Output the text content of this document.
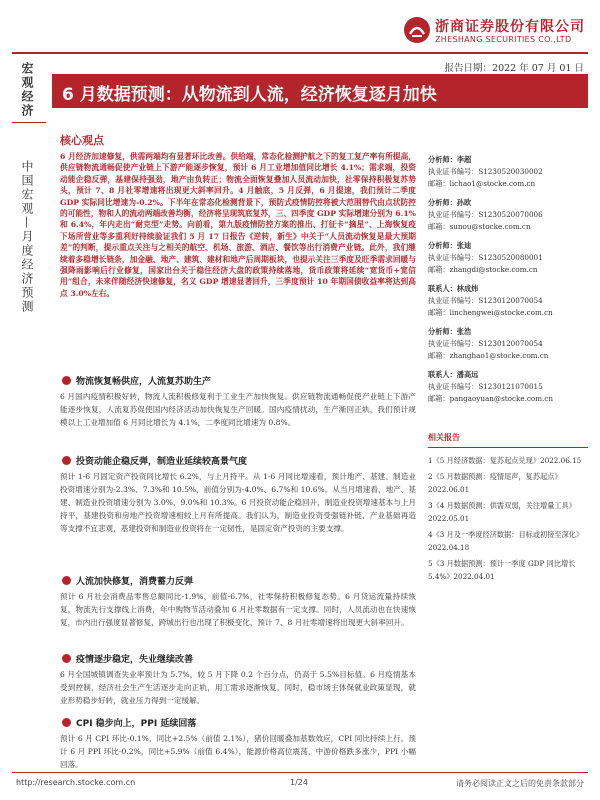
浙商证券股份有限公司
ZHESHANG SECURITIES CO.,LTD
宏观经济
中国宏观—月度经济预测
报告日期：2022 年 07 月 01 日
6 月数据预测：从物流到人流，经济恢复逐月加快
核心观点
6 月经济加速修复，供需两端均有显著环比改善。供给端，常态化检测护航之下的复工复产率有所提高，供应链物流通畅促使产业链上下游产能逐步恢复，预计 6 月工业增加值同比增长 4.1%；需求端，投资动能企稳反弹，基建保持强劲，地产由负转正；物流全面恢复叠加人员流动加快，社零保持积极复苏势头，预计 7、8 月社零增速将出现更大斜率回升。4 月触底，5 月反弹，6 月提速，我们预计二季度 GDP 实际同比增速为-0.2%。下半年在常态化检测背景下，预防式疫情防控将被大范围替代由点状防控的可能性，物和人的流动两端改善均衡，经济将呈现筑底复苏，三、四季度 GDP 实际增速分别为 6.1%和 6.4%，年内走出“耐克型”走势。向前看，第九版疫情防控方案的推出、打征卡“摘星”、上海恢复疫下场所营业等多重利好持续验证我们 5 月 17 日报告《逆转，新生》中关于“人员流动恢复是最大预期差”的判断，提示重点关注与之相关的航空、机场、旅游、酒店、餐饮等出行消费产业链。此外，我们继续着多稳增长链条，加金融、地产、建筑、建材和地产后周期板块，也提示关注三季度及旺季需求回暖与强降雨影响后行业修复，国家出台关于稳住经济大盘的政策持续落地，货币政策将延续“宽货币+宽信用”组合，未来伴随经济快速修复，名义 GDP 增速显著回升，三季度预计 10 年期国债收益率将达到高点 3.0%左右。
物流恢复畅供应，人流复苏助生产
6 月国内疫情积极好转，物流人流积极修复利于工业生产加快恢复。供应链物流通畅促使产业链上下游产能逐步恢复，人流复苏促使国内经济活动加快恢复生产回暖。国内疫情扰动，生产渐回正轨，我们预计规模以上工业增加值 6 月同比增长为 4.1%，二季度同比增速为 0.8%。
投资动能企稳反弹，制造业延续较高景气度
预计 1-6 月固定资产投资同比增长 6.2%，与上月持平。从 1-6 月同比增速看，预计地产、基建、制造业投资增速分别为-2.3%、7.3%和 10.5%，前值分别为-4.0%、6.7%和 10.6%。从当月增速看，地产、基建、制造业投资增速分别为 3.0%、9.0%和 10.3%。6 月投资动能企稳回升，制造业投资增速基本与上月持平，基建投资和房地产投资增速相较上月有所提高。我们认为，制造业投资受强链补链、产业基础再造等支撑不宜悲观，基建投资和制造业投资将在一定韧性，是固定资产投资的主要支撑。
人流加快修复，消费蓄力反弹
预计 6 月社会消费品零售总额同比-1.9%，前值-6.7%，社零保持积极修复态势。6 月货运流量持续恢复，物流先行支撑线上消费，年中购物节活动叠加 6 月社零数据有一定支撑。同时，人员流动也在快速恢复，市内出行强度显著修复，跨城出行也出现了积极变化，预计 7、8 月社零增速将出现更大斜率回升。
疫情逐步稳定，失业继续改善
6 月全国城镇调查失业率预计为 5.7%，较 5 月下降 0.2 个百分点，仍高于 5.5%目标值。6 月疫情基本受到控制，经济社会生产生活逐步走向正轨，用工需求逐渐恢复，同时，稳市场主体保就业政策显现，就业形势稳步好转，就业压力得到一定缓解。
CPI 稳步向上，PPI 延续回落
预计 6 月 CPI 环比-0.1%，同比+2.5%（前值 2.1%），猪价回暖叠加基数效应，CPI 同比持续上行。预计 6 月 PPI 环比-0.2%，同比+5.9%（前值 6.4%），能源价格高位震荡，中游价格跌多涨少，PPI 小幅回落。
分析师：李超
执业证书编号：S1230520030002
邮箱：lichao1@stocke.com.cn
分析师：孙欧
执业证书编号：S1230520070006
邮箱：sunou@stocke.com.cn
分析师：张迪
执业证书编号：S1230520080001
邮箱：zhangdi@stocke.com.cn
联系人：林成炜
执业证书编号：S1230120070054
邮箱：linchengwei@stocke.com.cn
分析师：张浩
执业证书编号：S1230120070054
邮箱：zhanghao1@stocke.com.cn
联系人：潘高远
执业证书编号：S1230121070015
邮箱：pangaoyuan@stocke.com.cn
相关报告
1《5 月经济数据：复苏起点兑现》2022.06.15
2《5 月数据预测：疫情尾声，复苏起点》2022.06.01
3《4 月数据预测：供需双弱，关注增量工具》2022.05.01
4《3 月及一季度经济数据：目标或初接至深化》2022.04.18
5《3 月数据预测：预计一季度 GDP 同比增长 5.4%》2022.04.01
http://research.stocke.com.cn	1/24	请务必阅读正文之后的免责条款部分
